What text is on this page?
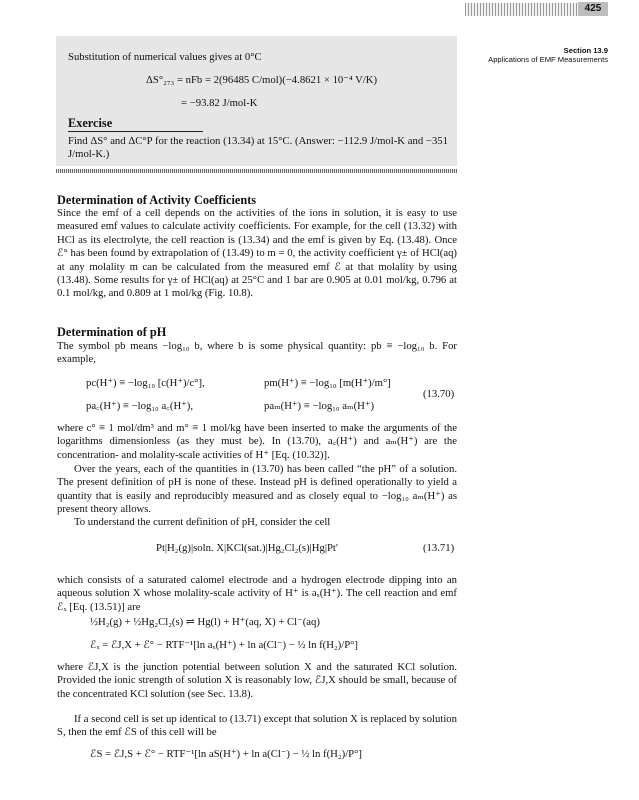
425
Section 13.9
Applications of EMF Measurements
Substitution of numerical values gives at 0°C
ΔS°₂₇₃ = nFb = 2(96485 C/mol)(−4.8621 × 10⁻⁴ V/K)
= −93.82 J/mol-K
Exercise
Find ΔS° and ΔC°P for the reaction (13.34) at 15°C. (Answer: −112.9 J/mol-K and −351 J/mol-K.)
Determination of Activity Coefficients
Since the emf of a cell depends on the activities of the ions in solution, it is easy to use measured emf values to calculate activity coefficients. For example, for the cell (13.32) with HCl as its electrolyte, the cell reaction is (13.34) and the emf is given by Eq. (13.48). Once ℰ° has been found by extrapolation of (13.49) to m = 0, the activity coefficient γ± of HCl(aq) at any molality m can be calculated from the measured emf ℰ at that molality by using (13.48). Some results for γ± of HCl(aq) at 25°C and 1 bar are 0.905 at 0.01 mol/kg, 0.796 at 0.1 mol/kg, and 0.809 at 1 mol/kg (Fig. 10.8).
Determination of pH
The symbol pb means −log₁₀ b, where b is some physical quantity: pb ≡ −log₁₀ b. For example,
pc(H⁺) ≡ −log₁₀ [c(H⁺)/c°],	pm(H⁺) ≡ −log₁₀ [m(H⁺)/m°]
pa꜀(H⁺) ≡ −log₁₀ a꜀(H⁺),	paₘ(H⁺) ≡ −log₁₀ aₘ(H⁺)
(13.70)
where c° ≡ 1 mol/dm³ and m° ≡ 1 mol/kg have been inserted to make the arguments of the logarithms dimensionless (as they must be). In (13.70), a꜀(H⁺) and aₘ(H⁺) are the concentration- and molality-scale activities of H⁺ [Eq. (10.32)].
Over the years, each of the quantities in (13.70) has been called “the pH” of a solution. The present definition of pH is none of these. Instead pH is defined operationally to yield a quantity that is easily and reproducibly measured and as closely equal to −log₁₀ aₘ(H⁺) as present theory allows.
To understand the current definition of pH, consider the cell
Pt|H₂(g)|soln. X|KCl(sat.)|Hg₂Cl₂(s)|Hg|Pt′	(13.71)
which consists of a saturated calomel electrode and a hydrogen electrode dipping into an aqueous solution X whose molality-scale activity of H⁺ is aₓ(H⁺). The cell reaction and emf ℰₓ [Eq. (13.51)] are
½H₂(g) + ½Hg₂Cl₂(s) ⇌ Hg(l) + H⁺(aq, X) + Cl⁻(aq)
ℰₓ = ℰJ,X + ℰ° − RTF⁻¹[ln aₓ(H⁺) + ln a(Cl⁻) − ½ ln f(H₂)/P°]
where ℰJ,X is the junction potential between solution X and the saturated KCl solution. Provided the ionic strength of solution X is reasonably low, ℰJ,X should be small, because of the concentrated KCl solution (see Sec. 13.8).
If a second cell is set up identical to (13.71) except that solution X is replaced by solution S, then the emf ℰS of this cell will be
ℰS = ℰJ,S + ℰ° − RTF⁻¹[ln aS(H⁺) + ln a(Cl⁻) − ½ ln f(H₂)/P°]
